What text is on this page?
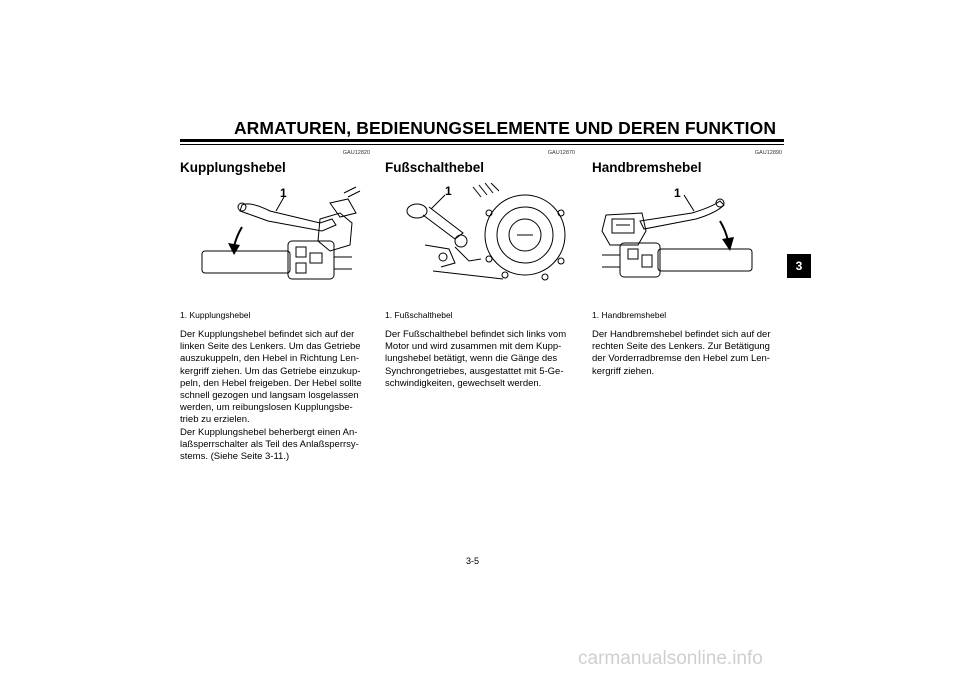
ARMATUREN, BEDIENUNGSELEMENTE UND DEREN FUNKTION
GAU12820
Kupplungshebel
1
1. Kupplungshebel

Der Kupplungshebel befindet sich auf der
linken Seite des Lenkers. Um das Getriebe
auszukuppeln, den Hebel in Richtung Len-
kergriff ziehen. Um das Getriebe einzukup-
peln, den Hebel freigeben. Der Hebel sollte
schnell gezogen und langsam losgelassen
werden, um reibungslosen Kupplungsbe-
trieb zu erzielen.

Der Kupplungshebel beherbergt einen An-
laßsperrschalter als Teil des Anlaßsperrsy-
stems. (Siehe Seite 3-11.)

GAU12870
Fußschalthebel
1
1. Fußschalthebel

Der Fußschalthebel befindet sich links vom
Motor und wird zusammen mit dem Kupp-
lungshebel betätigt, wenn die Gänge des
Synchrongetriebes, ausgestattet mit 5-Ge-
schwindigkeiten, gewechselt werden.

GAU12890
Handbremshebel
1
1. Handbremshebel

Der Handbremshebel befindet sich auf der
rechten Seite des Lenkers. Zur Betätigung
der Vorderradbremse den Hebel zum Len-
kergriff ziehen.

3
3-5
carmanualsonline.info
